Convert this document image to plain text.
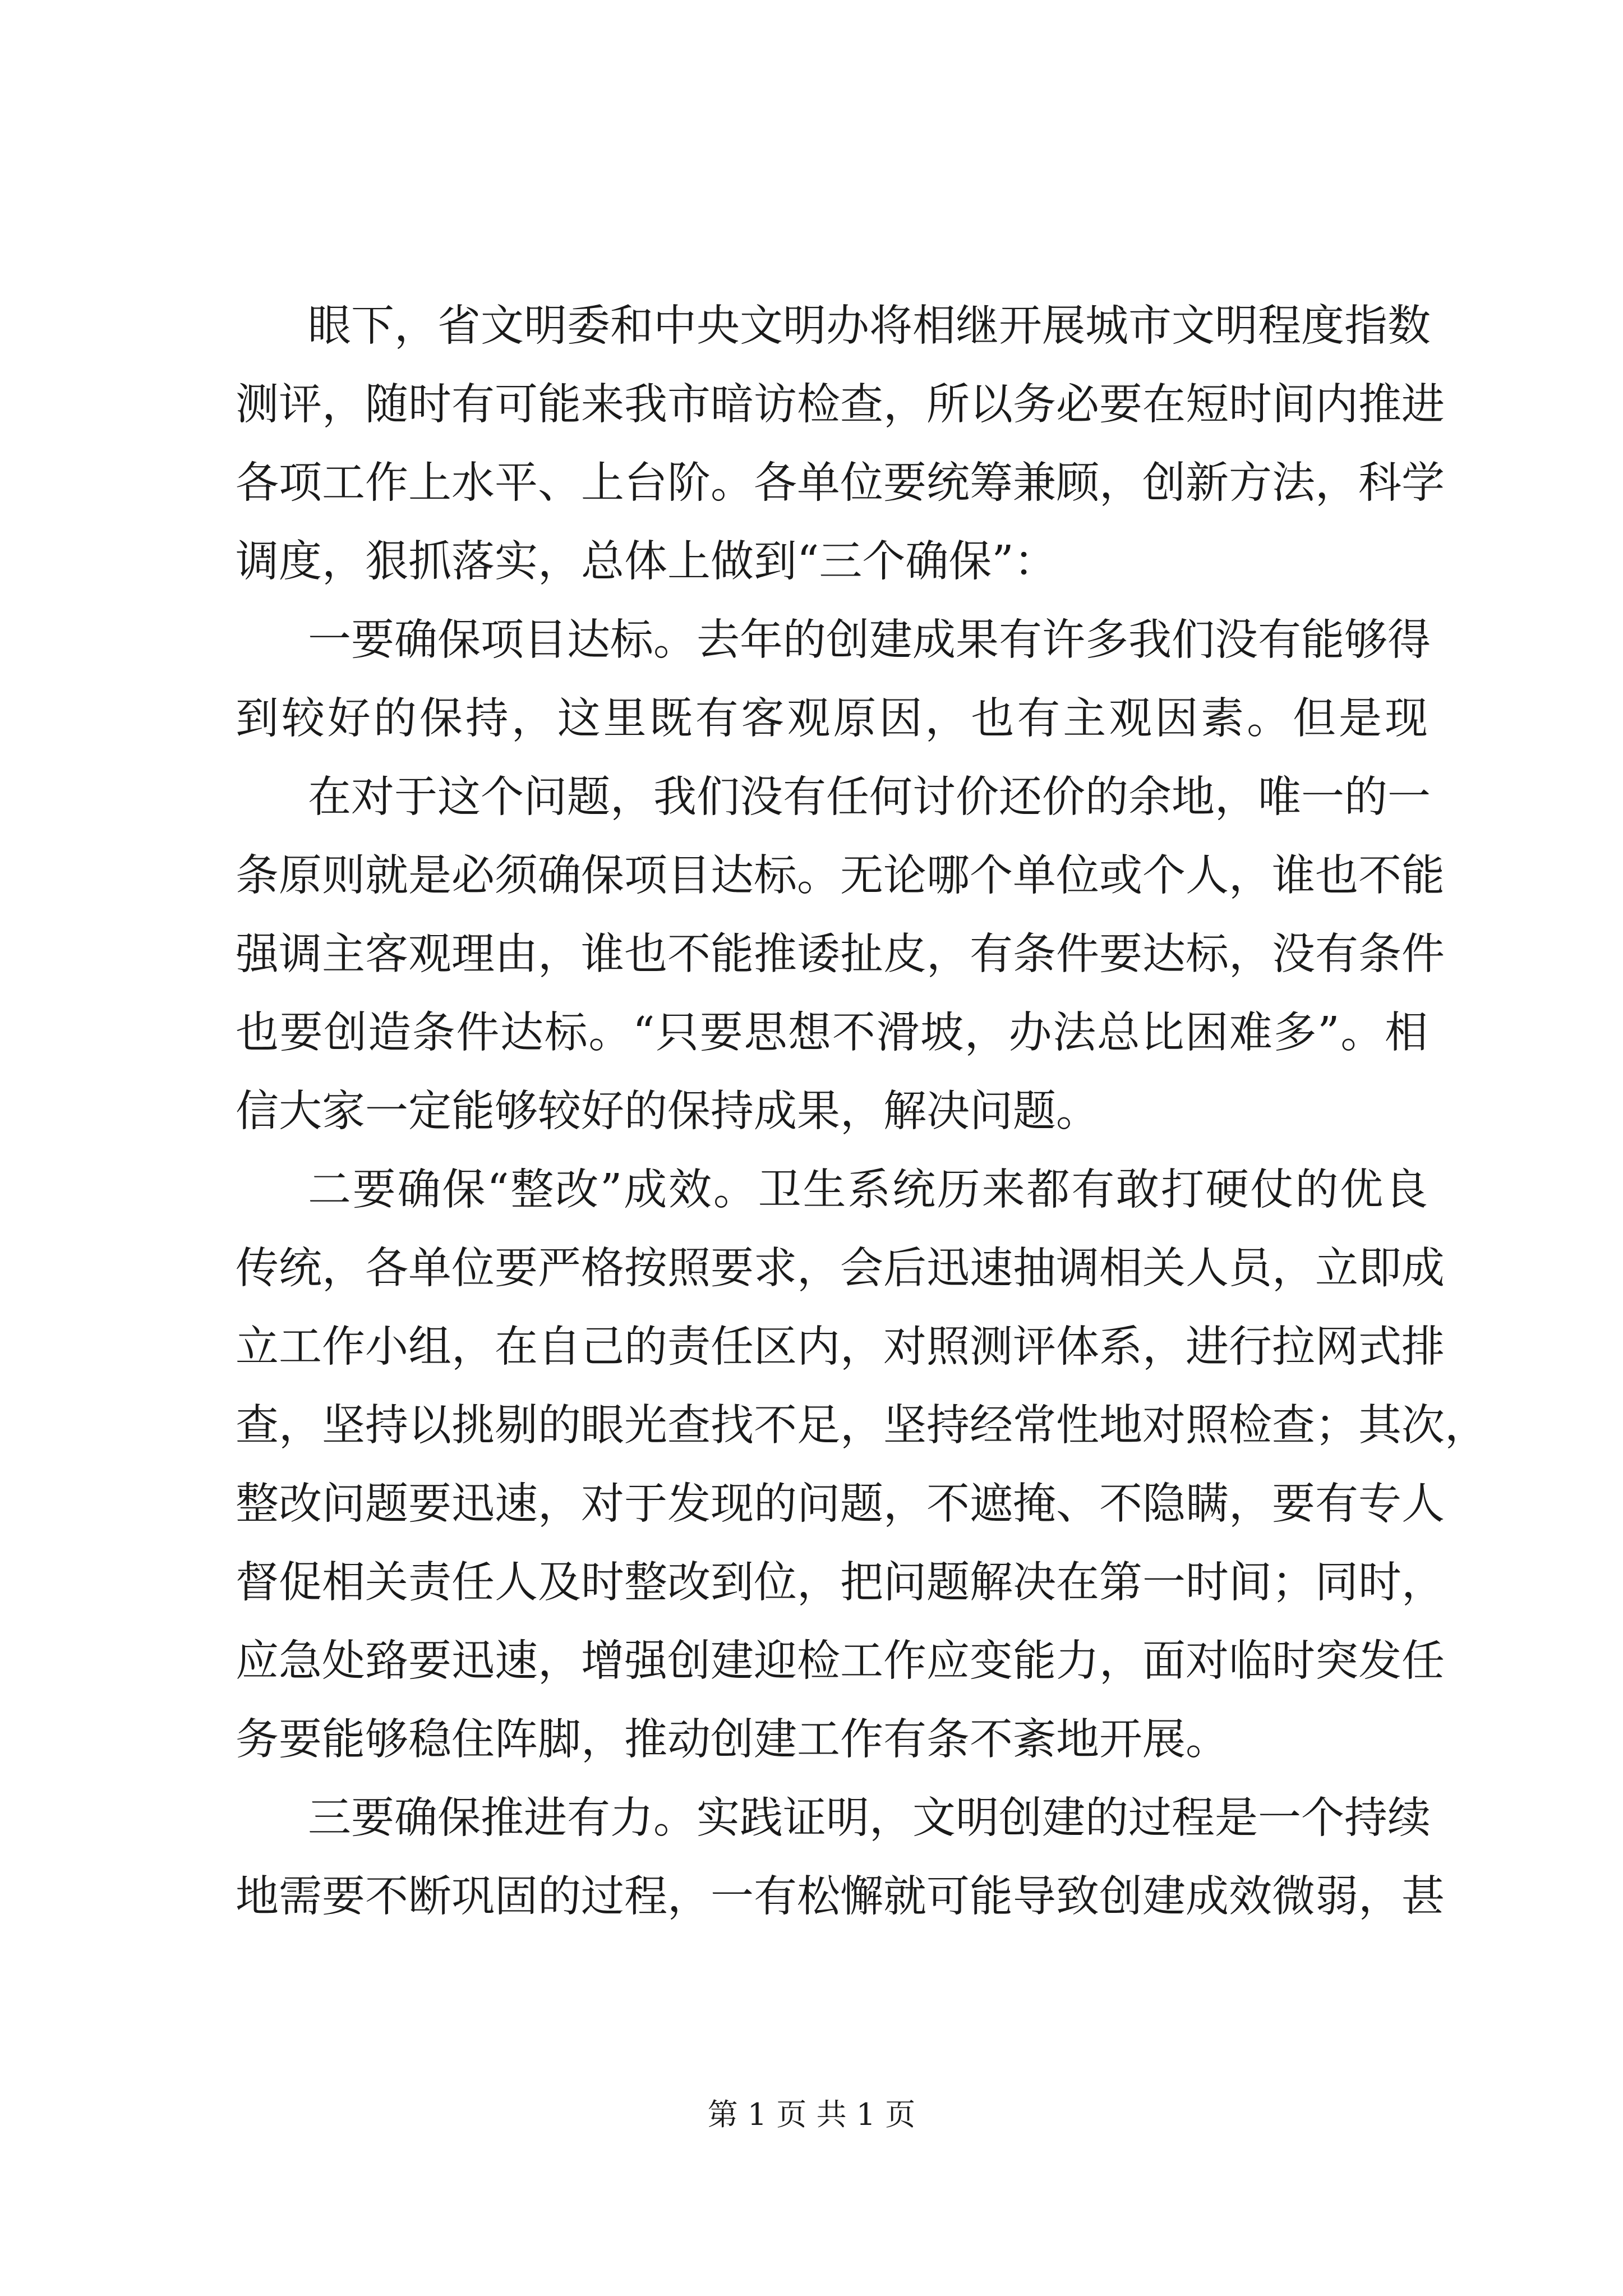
眼下，省文明委和中央文明办将相继开展城市文明程度指数
测评，随时有可能来我市暗访检查，所以务必要在短时间内推进
各项工作上水平、上台阶。各单位要统筹兼顾，创新方法，科学
调度，狠抓落实，总体上做到“三个确保”：
一要确保项目达标。去年的创建成果有许多我们没有能够得
到较好的保持，这里既有客观原因，也有主观因素。但是现
在对于这个问题，我们没有任何讨价还价的余地，唯一的一
条原则就是必须确保项目达标。无论哪个单位或个人，谁也不能
强调主客观理由，谁也不能推诿扯皮，有条件要达标，没有条件
也要创造条件达标。“只要思想不滑坡，办法总比困难多”。相
信大家一定能够较好的保持成果，解决问题。
二要确保“整改”成效。卫生系统历来都有敢打硬仗的优良
传统，各单位要严格按照要求，会后迅速抽调相关人员，立即成
立工作小组，在自己的责任区内，对照测评体系，进行拉网式排
查，坚持以挑剔的眼光查找不足，坚持经常性地对照检查；其次，
整改问题要迅速，对于发现的问题，不遮掩、不隐瞒，要有专人
督促相关责任人及时整改到位，把问题解决在第一时间；同时，
应急处臵要迅速，增强创建迎检工作应变能力，面对临时突发任
务要能够稳住阵脚，推动创建工作有条不紊地开展。
三要确保推进有力。实践证明，文明创建的过程是一个持续
地需要不断巩固的过程，一有松懈就可能导致创建成效微弱，甚
第 1 页 共 1 页
